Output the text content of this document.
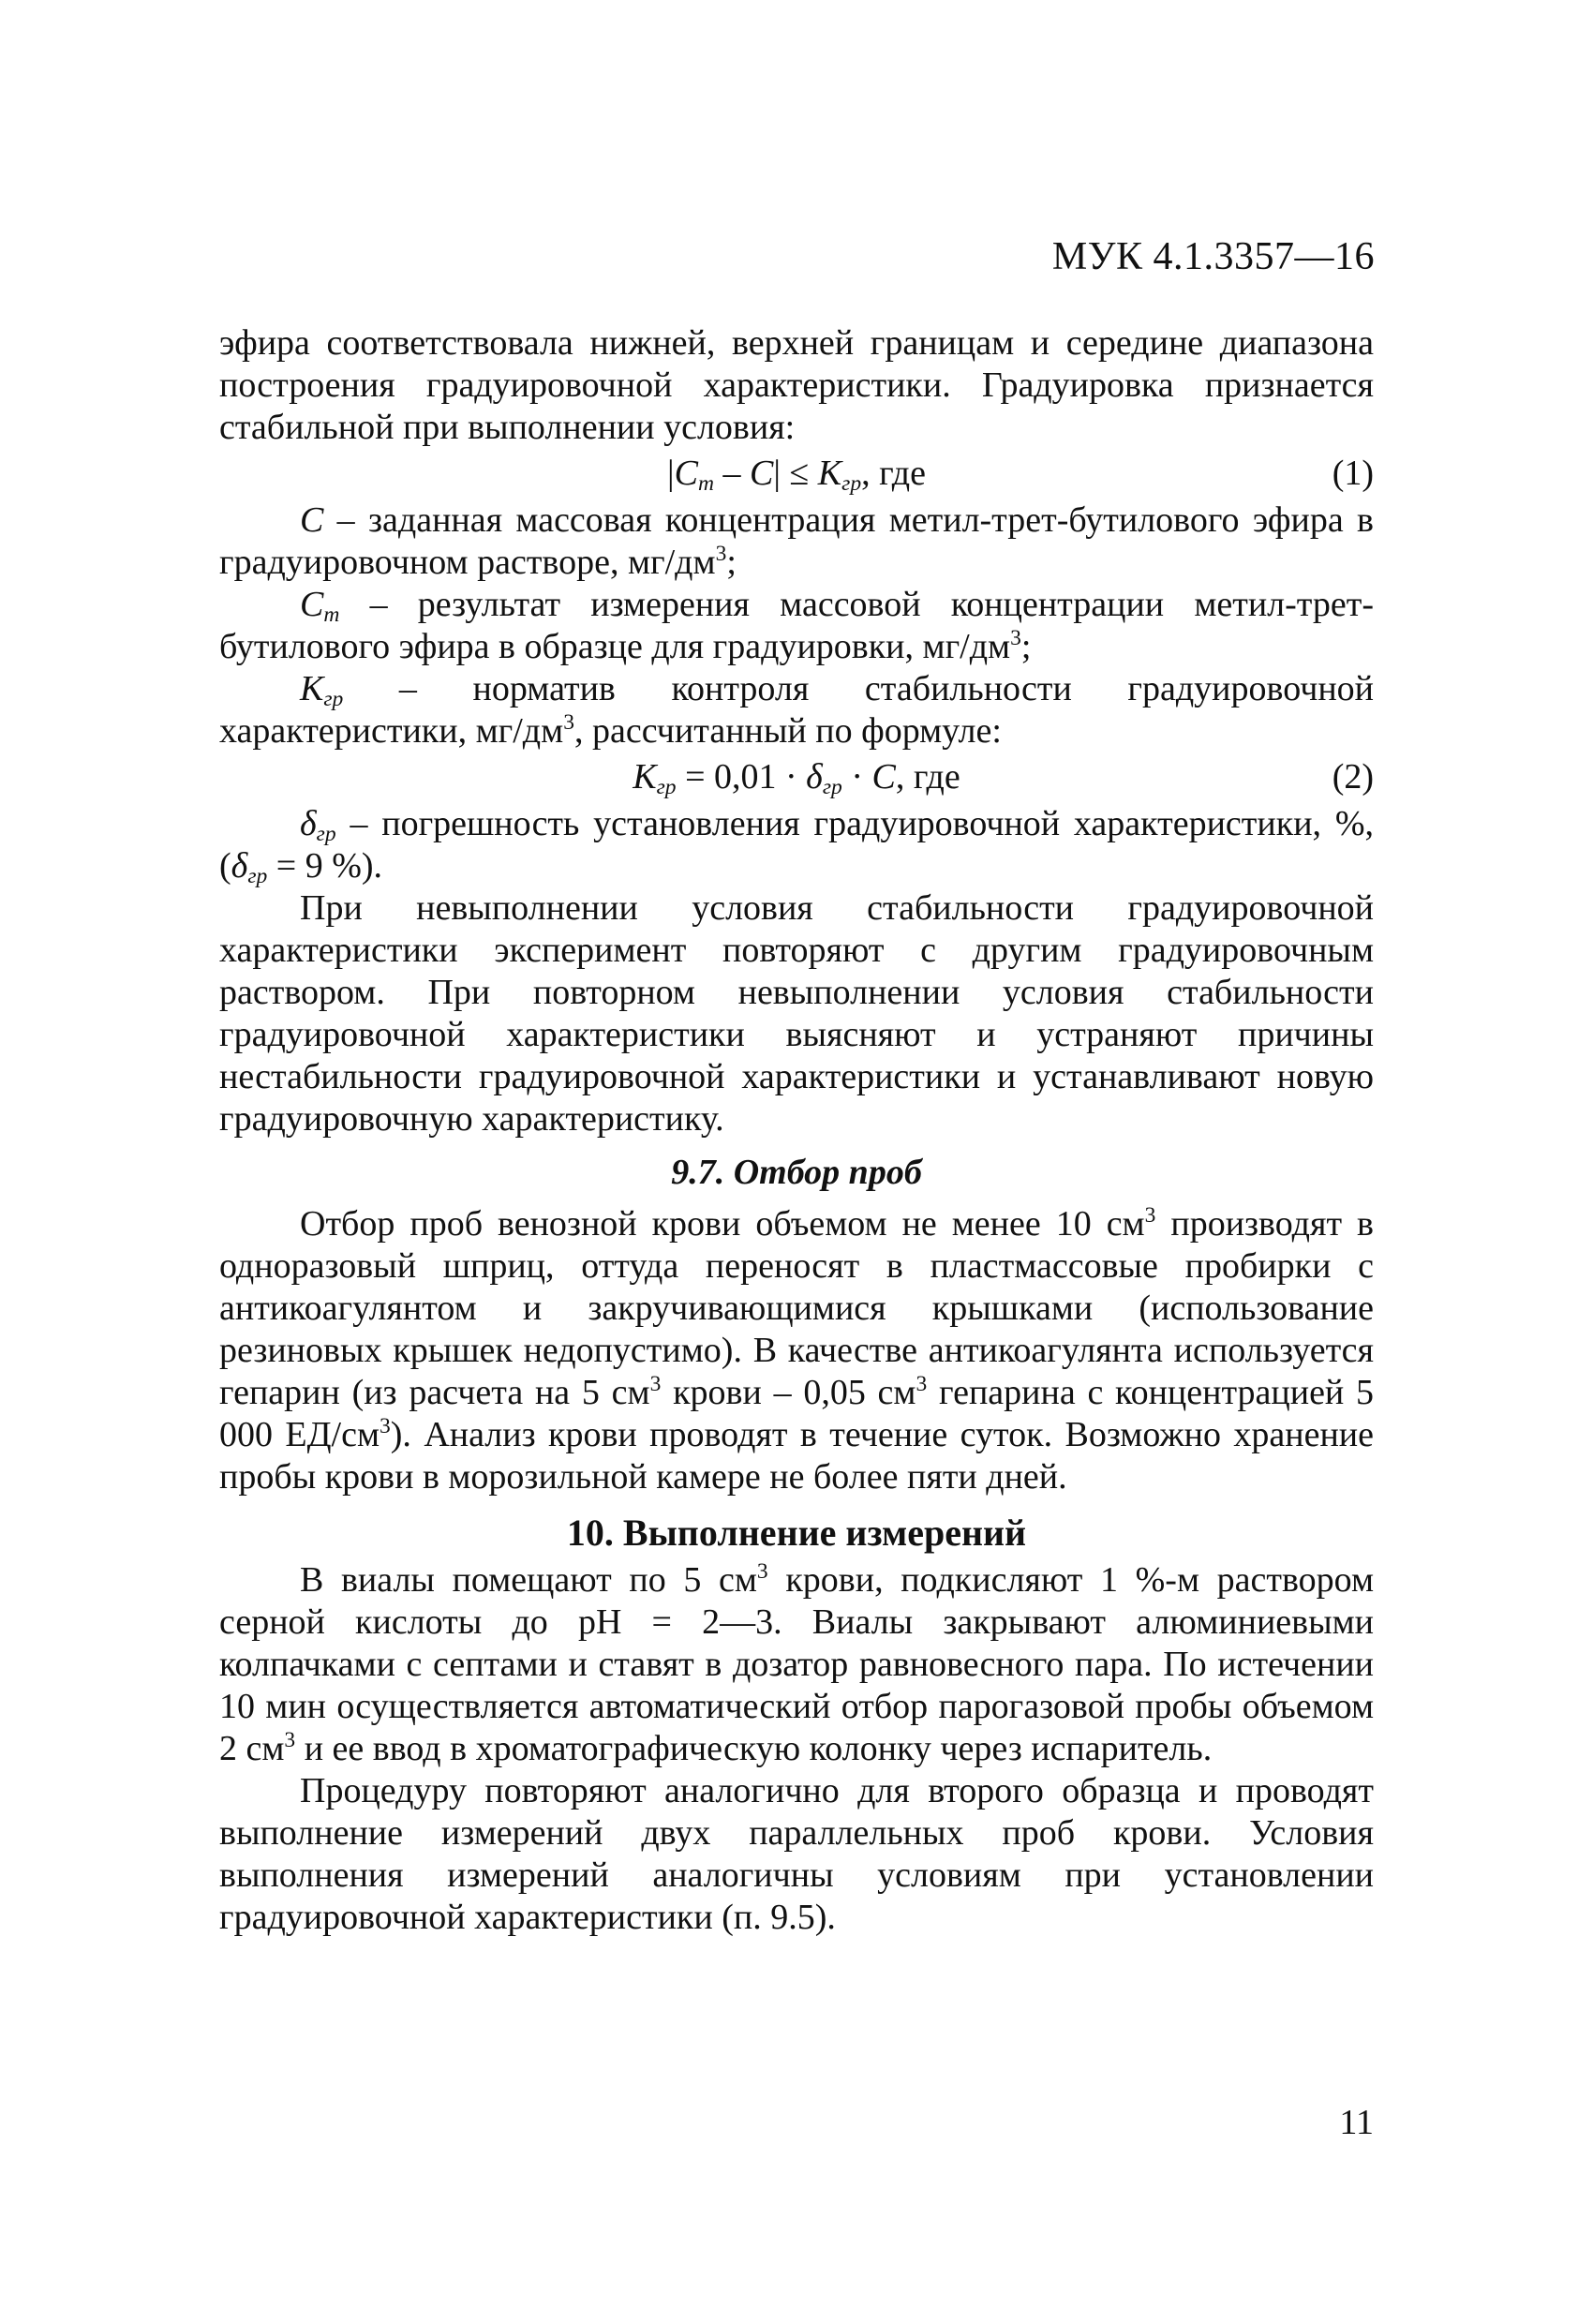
МУК 4.1.3357—16

эфира соответствовала нижней, верхней границам и середине диапазона построения градуировочной характеристики. Градуировка признается стабильной при выполнении условия:

$|C_т - C| \le K_{гр}$, где	(1)

C – заданная массовая концентрация метил-трет-бутилового эфира в градуировочном растворе, $мг/дм^3$;

$C_т$ – результат измерения массовой концентрации метил-трет-бутилового эфира в образце для градуировки, $мг/дм^3$;

$K_{гр}$ – норматив контроля стабильности градуировочной характеристики, $мг/дм^3$, рассчитанный по формуле:

$K_{гр} = 0,01 \cdot \delta_{гр} \cdot C$, где	(2)

$\delta_{гр}$ – погрешность установления градуировочной характеристики, %, ($\delta_{гр} = 9$ %).

При невыполнении условия стабильности градуировочной характеристики эксперимент повторяют с другим градуировочным раствором. При повторном невыполнении условия стабильности градуировочной характеристики выясняют и устраняют причины нестабильности градуировочной характеристики и устанавливают новую градуировочную характеристику.

9.7. Отбор проб

Отбор проб венозной крови объемом не менее 10 $см^3$ производят в одноразовый шприц, оттуда переносят в пластмассовые пробирки с антикоагулянтом и закручивающимися крышками (использование резиновых крышек недопустимо). В качестве антикоагулянта используется гепарин (из расчета на 5 $см^3$ крови – 0,05 $см^3$ гепарина с концентрацией 5 000 $ЕД/см^3$). Анализ крови проводят в течение суток. Возможно хранение пробы крови в морозильной камере не более пяти дней.

10. Выполнение измерений

В виалы помещают по 5 $см^3$ крови, подкисляют 1 %-м раствором серной кислоты до pH = 2—3. Виалы закрывают алюминиевыми колпачками с септами и ставят в дозатор равновесного пара. По истечении 10 мин осуществляется автоматический отбор парогазовой пробы объемом 2 $см^3$ и ее ввод в хроматографическую колонку через испаритель.

Процедуру повторяют аналогично для второго образца и проводят выполнение измерений двух параллельных проб крови. Условия выполнения измерений аналогичны условиям при установлении градуировочной характеристики (п. 9.5).

11
